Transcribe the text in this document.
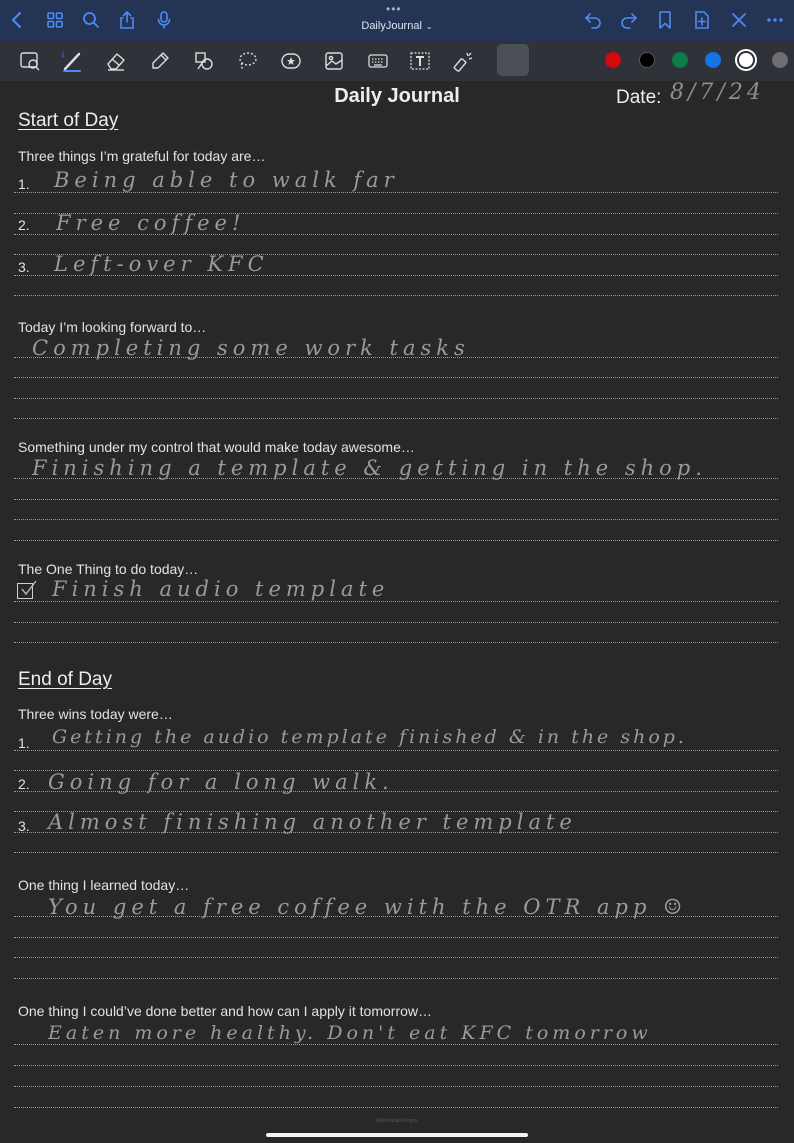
•••
DailyJournal ⌄
ᛒ
Daily Journal	Date: 8/7/24
Start of Day
Three things I’m grateful for today are…
1. Being able to walk far
2. Free coffee!
3. Left-over KFC
Today I’m looking forward to…
Completing some work tasks
Something under my control that would make today awesome…
Finishing a template & getting in the shop.
The One Thing to do today…
Finish audio template
End of Day
Three wins today were…
1. Getting the audio template finished & in the shop.
2. Going for a long walk.
3. Almost finishing another template
One thing I learned today…
You get a free coffee with the OTR app ☺
One thing I could’ve done better and how can I apply it tomorrow…
Eaten more healthy. Don't eat KFC tomorrow
AAKdigitalDesigns
